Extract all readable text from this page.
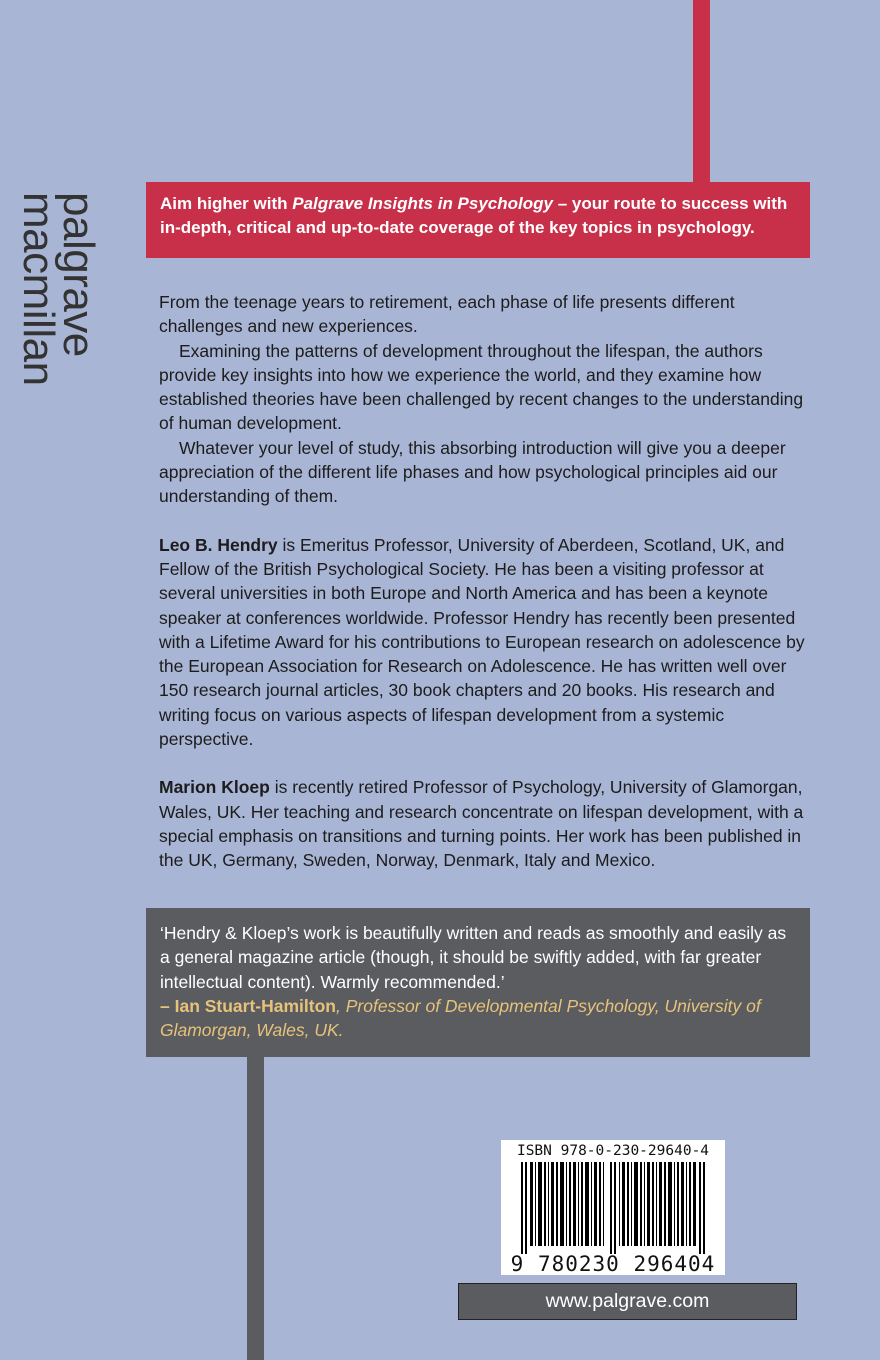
palgrave
macmillan	Aim higher with Palgrave Insights in Psychology – your route to success with in-depth, critical and up-to-date coverage of the key topics in psychology.

From the teenage years to retirement, each phase of life presents different challenges and new experiences.

Examining the patterns of development throughout the lifespan, the authors provide key insights into how we experience the world, and they examine how established theories have been challenged by recent changes to the understanding of human development.

Whatever your level of study, this absorbing introduction will give you a deeper appreciation of the different life phases and how psychological principles aid our understanding of them.

Leo B. Hendry is Emeritus Professor, University of Aberdeen, Scotland, UK, and Fellow of the British Psychological Society. He has been a visiting professor at several universities in both Europe and North America and has been a keynote speaker at conferences worldwide. Professor Hendry has recently been presented with a Lifetime Award for his contributions to European research on adolescence by the European Association for Research on Adolescence. He has written well over 150 research journal articles, 30 book chapters and 20 books. His research and writing focus on various aspects of lifespan development from a systemic perspective.

Marion Kloep is recently retired Professor of Psychology, University of Glamorgan, Wales, UK. Her teaching and research concentrate on lifespan development, with a special emphasis on transitions and turning points. Her work has been published in the UK, Germany, Sweden, Norway, Denmark, Italy and Mexico.

‘Hendry & Kloep’s work is beautifully written and reads as smoothly and easily as a general magazine article (though, it should be swiftly added, with far greater intellectual content). Warmly recommended.’
– Ian Stuart-Hamilton, Professor of Developmental Psychology, University of Glamorgan, Wales, UK.
ISBN 978-0-230-29640-4
9 780230 296404
www.palgrave.com
